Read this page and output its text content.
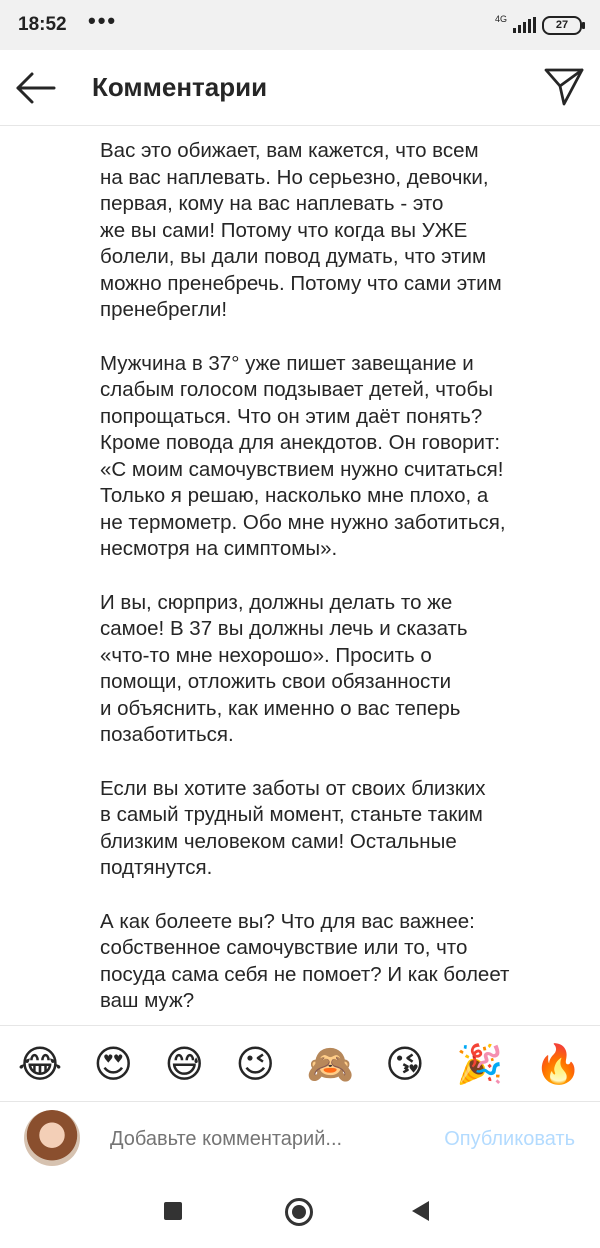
18:52 •••	4G	27
Комментарии

Вас это обижает, вам кажется, что всем
на вас наплевать. Но серьезно, девочки,
первая, кому на вас наплевать - это
же вы сами! Потому что когда вы УЖЕ
болели, вы дали повод думать, что этим
можно пренебречь. Потому что сами этим
пренебрегли!

Мужчина в 37° уже пишет завещание и
слабым голосом подзывает детей, чтобы
попрощаться. Что он этим даёт понять?
Кроме повода для анекдотов. Он говорит:
«С моим самочувствием нужно считаться!
Только я решаю, насколько мне плохо, а
не термометр. Обо мне нужно заботиться,
несмотря на симптомы».

И вы, сюрприз, должны делать то же
самое! В 37 вы должны лечь и сказать
«что-то мне нехорошо». Просить о
помощи, отложить свои обязанности
и объяснить, как именно о вас теперь
позаботиться.

Если вы хотите заботы от своих близких
в самый трудный момент, станьте таким
близким человеком сами! Остальные
подтянутся.

А как болеете вы? Что для вас важнее:
собственное самочувствие или то, что
посуда сама себя не помоет? И как болеет
ваш муж?

😂 😍 😅 😉 🙈 😘 🎉 🔥
Добавьте комментарий...
Опубликовать
